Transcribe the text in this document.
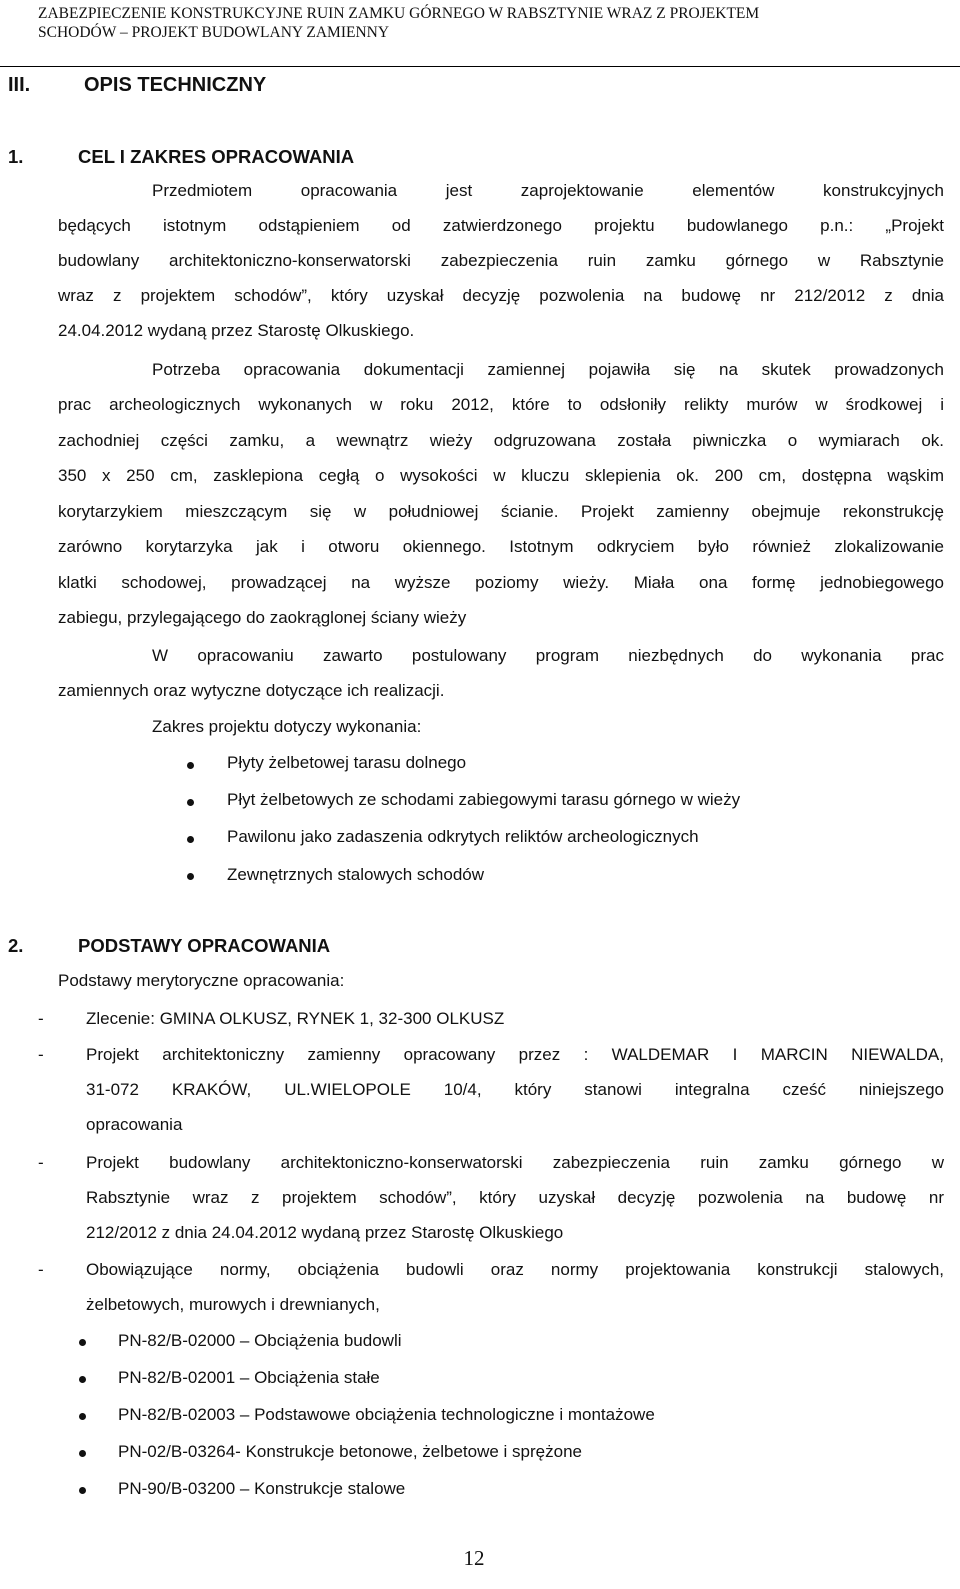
ZABEZPIECZENIE KONSTRUKCYJNE RUIN ZAMKU GÓRNEGO W RABSZTYNIE WRAZ Z PROJEKTEM
SCHODÓW – PROJEKT BUDOWLANY ZAMIENNY
III.	OPIS TECHNICZNY
1.	CEL I ZAKRES OPRACOWANIA
Przedmiotem opracowania jest zaprojektowanie elementów konstrukcyjnych
będących istotnym odstąpieniem od zatwierdzonego projektu budowlanego p.n.: „Projekt
budowlany architektoniczno-konserwatorski zabezpieczenia ruin zamku górnego w Rabsztynie
wraz z projektem schodów”, który uzyskał decyzję pozwolenia na budowę nr 212/2012 z dnia
24.04.2012 wydaną przez Starostę Olkuskiego.
Potrzeba opracowania dokumentacji zamiennej pojawiła się na skutek prowadzonych
prac archeologicznych wykonanych w roku 2012, które to odsłoniły relikty murów w środkowej i
zachodniej części zamku, a wewnątrz wieży odgruzowana została piwniczka o wymiarach ok.
350 x 250 cm, zasklepiona cegłą o wysokości w kluczu sklepienia ok. 200 cm, dostępna wąskim
korytarzykiem mieszczącym się w południowej ścianie. Projekt zamienny obejmuje rekonstrukcję
zarówno korytarzyka jak i otworu okiennego. Istotnym odkryciem było również zlokalizowanie
klatki schodowej, prowadzącej na wyższe poziomy wieży. Miała ona formę jednobiegowego
zabiegu, przylegającego do zaokrąglonej ściany wieży
W opracowaniu zawarto postulowany program niezbędnych do wykonania prac
zamiennych oraz wytyczne dotyczące ich realizacji.
Zakres projektu dotyczy wykonania:
Płyty żelbetowej tarasu dolnego
Płyt żelbetowych ze schodami zabiegowymi tarasu górnego w wieży
Pawilonu jako zadaszenia odkrytych reliktów archeologicznych
Zewnętrznych stalowych schodów
2.	PODSTAWY OPRACOWANIA
Podstawy merytoryczne opracowania:
- Zlecenie: GMINA OLKUSZ, RYNEK 1, 32-300 OLKUSZ
- Projekt architektoniczny zamienny opracowany przez : WALDEMAR I MARCIN NIEWALDA,
31-072 KRAKÓW, UL.WIELOPOLE 10/4, który stanowi integralna cześć niniejszego
opracowania
- Projekt budowlany architektoniczno-konserwatorski zabezpieczenia ruin zamku górnego w
Rabsztynie wraz z projektem schodów”, który uzyskał decyzję pozwolenia na budowę nr
212/2012 z dnia 24.04.2012 wydaną przez Starostę Olkuskiego
- Obowiązujące normy, obciążenia budowli oraz normy projektowania konstrukcji stalowych,
żelbetowych, murowych i drewnianych,
PN-82/B-02000 – Obciążenia budowli
PN-82/B-02001 – Obciążenia stałe
PN-82/B-02003 – Podstawowe obciążenia technologiczne i montażowe
PN-02/B-03264- Konstrukcje betonowe, żelbetowe i sprężone
PN-90/B-03200 – Konstrukcje stalowe
12
